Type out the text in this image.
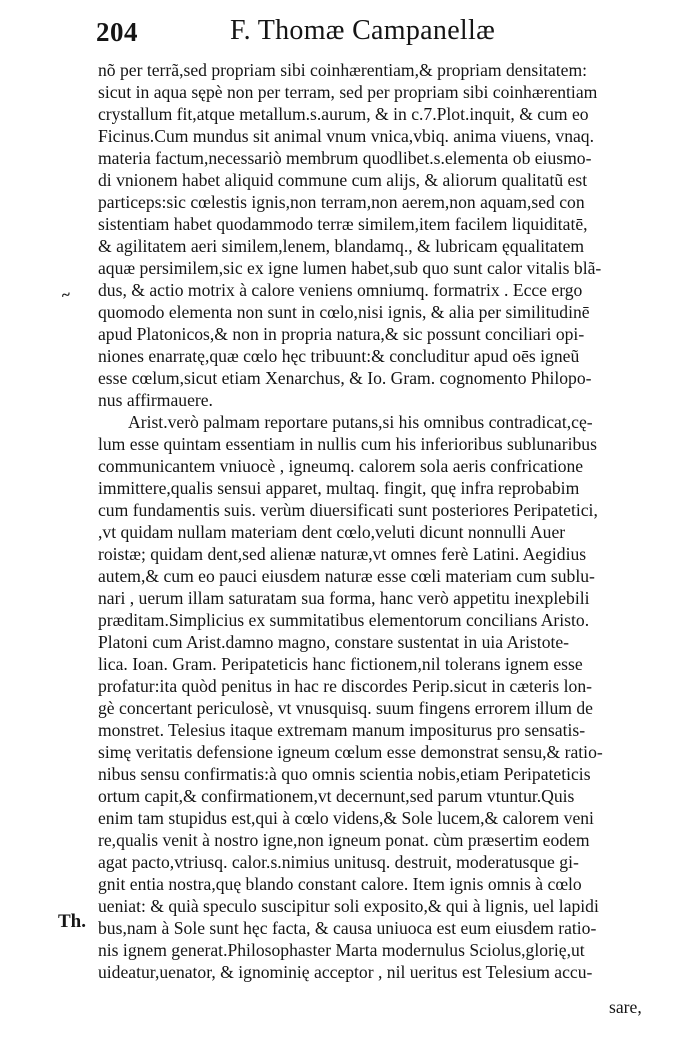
204	F. Thomæ Campanellæ
~
Th.
nõ per terrã,sed propriam sibi coinhærentiam,& propriam densitatem:
sicut in aqua sępè non per terram, sed per propriam sibi coinhærentiam
crystallum fit,atque metallum.s.aurum, & in c.7.Plot.inquit, & cum eo
Ficinus.Cum mundus sit animal vnum vnica,vbiq. anima viuens, vnaq.
materia factum,necessariò membrum quodlibet.s.elementa ob eiusmo-
di vnionem habet aliquid commune cum alijs, & aliorum qualitatũ est
particeps:sic cœlestis ignis,non terram,non aerem,non aquam,sed con
sistentiam habet quodammodo terræ similem,item facilem liquiditatē,
& agilitatem aeri similem,lenem, blandamq., & lubricam ęqualitatem
aquæ persimilem,sic ex igne lumen habet,sub quo sunt calor vitalis blã-
dus, & actio motrix à calore veniens omniumq. formatrix . Ecce ergo
quomodo elementa non sunt in cœlo,nisi ignis, & alia per similitudinē
apud Platonicos,& non in propria natura,& sic possunt conciliari opi-
niones enarratę,quæ cœlo hęc tribuunt:& concluditur apud oēs igneũ
esse cœlum,sicut etiam Xenarchus, & Io. Gram. cognomento Philopo-
nus affirmauere.
Arist.verò palmam reportare putans,si his omnibus contradicat,cę-
lum esse quintam essentiam in nullis cum his inferioribus sublunaribus
communicantem vniuocè , igneumq. calorem sola aeris confricatione
immittere,qualis sensui apparet, multaq. fingit, quę infra reprobabim
cum fundamentis suis. verùm diuersificati sunt posteriores Peripatetici,
,vt quidam nullam materiam dent cœlo,veluti dicunt nonnulli Auer
roistæ; quidam dent,sed alienæ naturæ,vt omnes ferè Latini. Aegidius
autem,& cum eo pauci eiusdem naturæ esse cœli materiam cum sublu-
nari , uerum illam saturatam sua forma, hanc verò appetitu inexplebili
præditam.Simplicius ex summitatibus elementorum concilians Aristo.
Platoni cum Arist.damno magno, constare sustentat in uia Aristote-
lica. Ioan. Gram. Peripateticis hanc fictionem,nil tolerans ignem esse
profatur:ita quòd penitus in hac re discordes Perip.sicut in cæteris lon-
gè concertant periculosè, vt vnusquisq. suum fingens errorem illum de
monstret. Telesius itaque extremam manum impositurus pro sensatis-
simę veritatis defensione igneum cœlum esse demonstrat sensu,& ratio-
nibus sensu confirmatis:à quo omnis scientia nobis,etiam Peripateticis
ortum capit,& confirmationem,vt decernunt,sed parum vtuntur.Quis
enim tam stupidus est,qui à cœlo videns,& Sole lucem,& calorem veni
re,qualis venit à nostro igne,non igneum ponat. cùm præsertim eodem
agat pacto,vtriusq. calor.s.nimius unitusq. destruit, moderatusque gi-
gnit entia nostra,quę blando constant calore. Item ignis omnis à cœlo
ueniat: & quià speculo suscipitur soli exposito,& qui à lignis, uel lapidi
bus,nam à Sole sunt hęc facta, & causa uniuoca est eum eiusdem ratio-
nis ignem generat.Philosophaster Marta modernulus Sciolus,glorię,ut
uideatur,uenator, & ignominię acceptor , nil ueritus est Telesium accu-
sare,
